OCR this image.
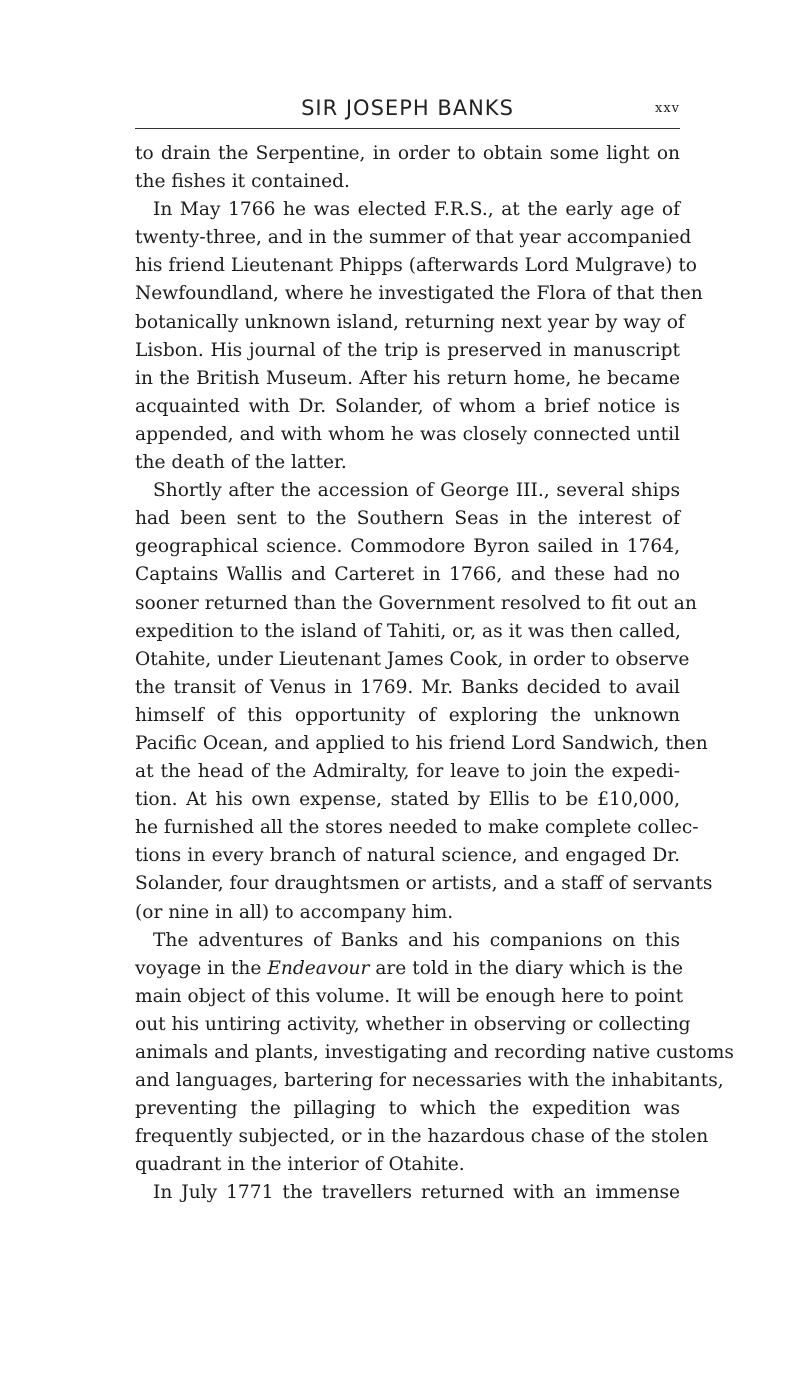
SIR JOSEPH BANKS	xxv
to drain the Serpentine, in order to obtain some light on
the fishes it contained.
In May 1766 he was elected F.R.S., at the early age of
twenty-three, and in the summer of that year accompanied
his friend Lieutenant Phipps (afterwards Lord Mulgrave) to
Newfoundland, where he investigated the Flora of that then
botanically unknown island, returning next year by way of
Lisbon. His journal of the trip is preserved in manuscript
in the British Museum. After his return home, he became
acquainted with Dr. Solander, of whom a brief notice is
appended, and with whom he was closely connected until
the death of the latter.
Shortly after the accession of George III., several ships
had been sent to the Southern Seas in the interest of
geographical science. Commodore Byron sailed in 1764,
Captains Wallis and Carteret in 1766, and these had no
sooner returned than the Government resolved to fit out an
expedition to the island of Tahiti, or, as it was then called,
Otahite, under Lieutenant James Cook, in order to observe
the transit of Venus in 1769. Mr. Banks decided to avail
himself of this opportunity of exploring the unknown
Pacific Ocean, and applied to his friend Lord Sandwich, then
at the head of the Admiralty, for leave to join the expedi-
tion. At his own expense, stated by Ellis to be £10,000,
he furnished all the stores needed to make complete collec-
tions in every branch of natural science, and engaged Dr.
Solander, four draughtsmen or artists, and a staff of servants
(or nine in all) to accompany him.
The adventures of Banks and his companions on this
voyage in the Endeavour are told in the diary which is the
main object of this volume. It will be enough here to point
out his untiring activity, whether in observing or collecting
animals and plants, investigating and recording native customs
and languages, bartering for necessaries with the inhabitants,
preventing the pillaging to which the expedition was
frequently subjected, or in the hazardous chase of the stolen
quadrant in the interior of Otahite.
In July 1771 the travellers returned with an immense
